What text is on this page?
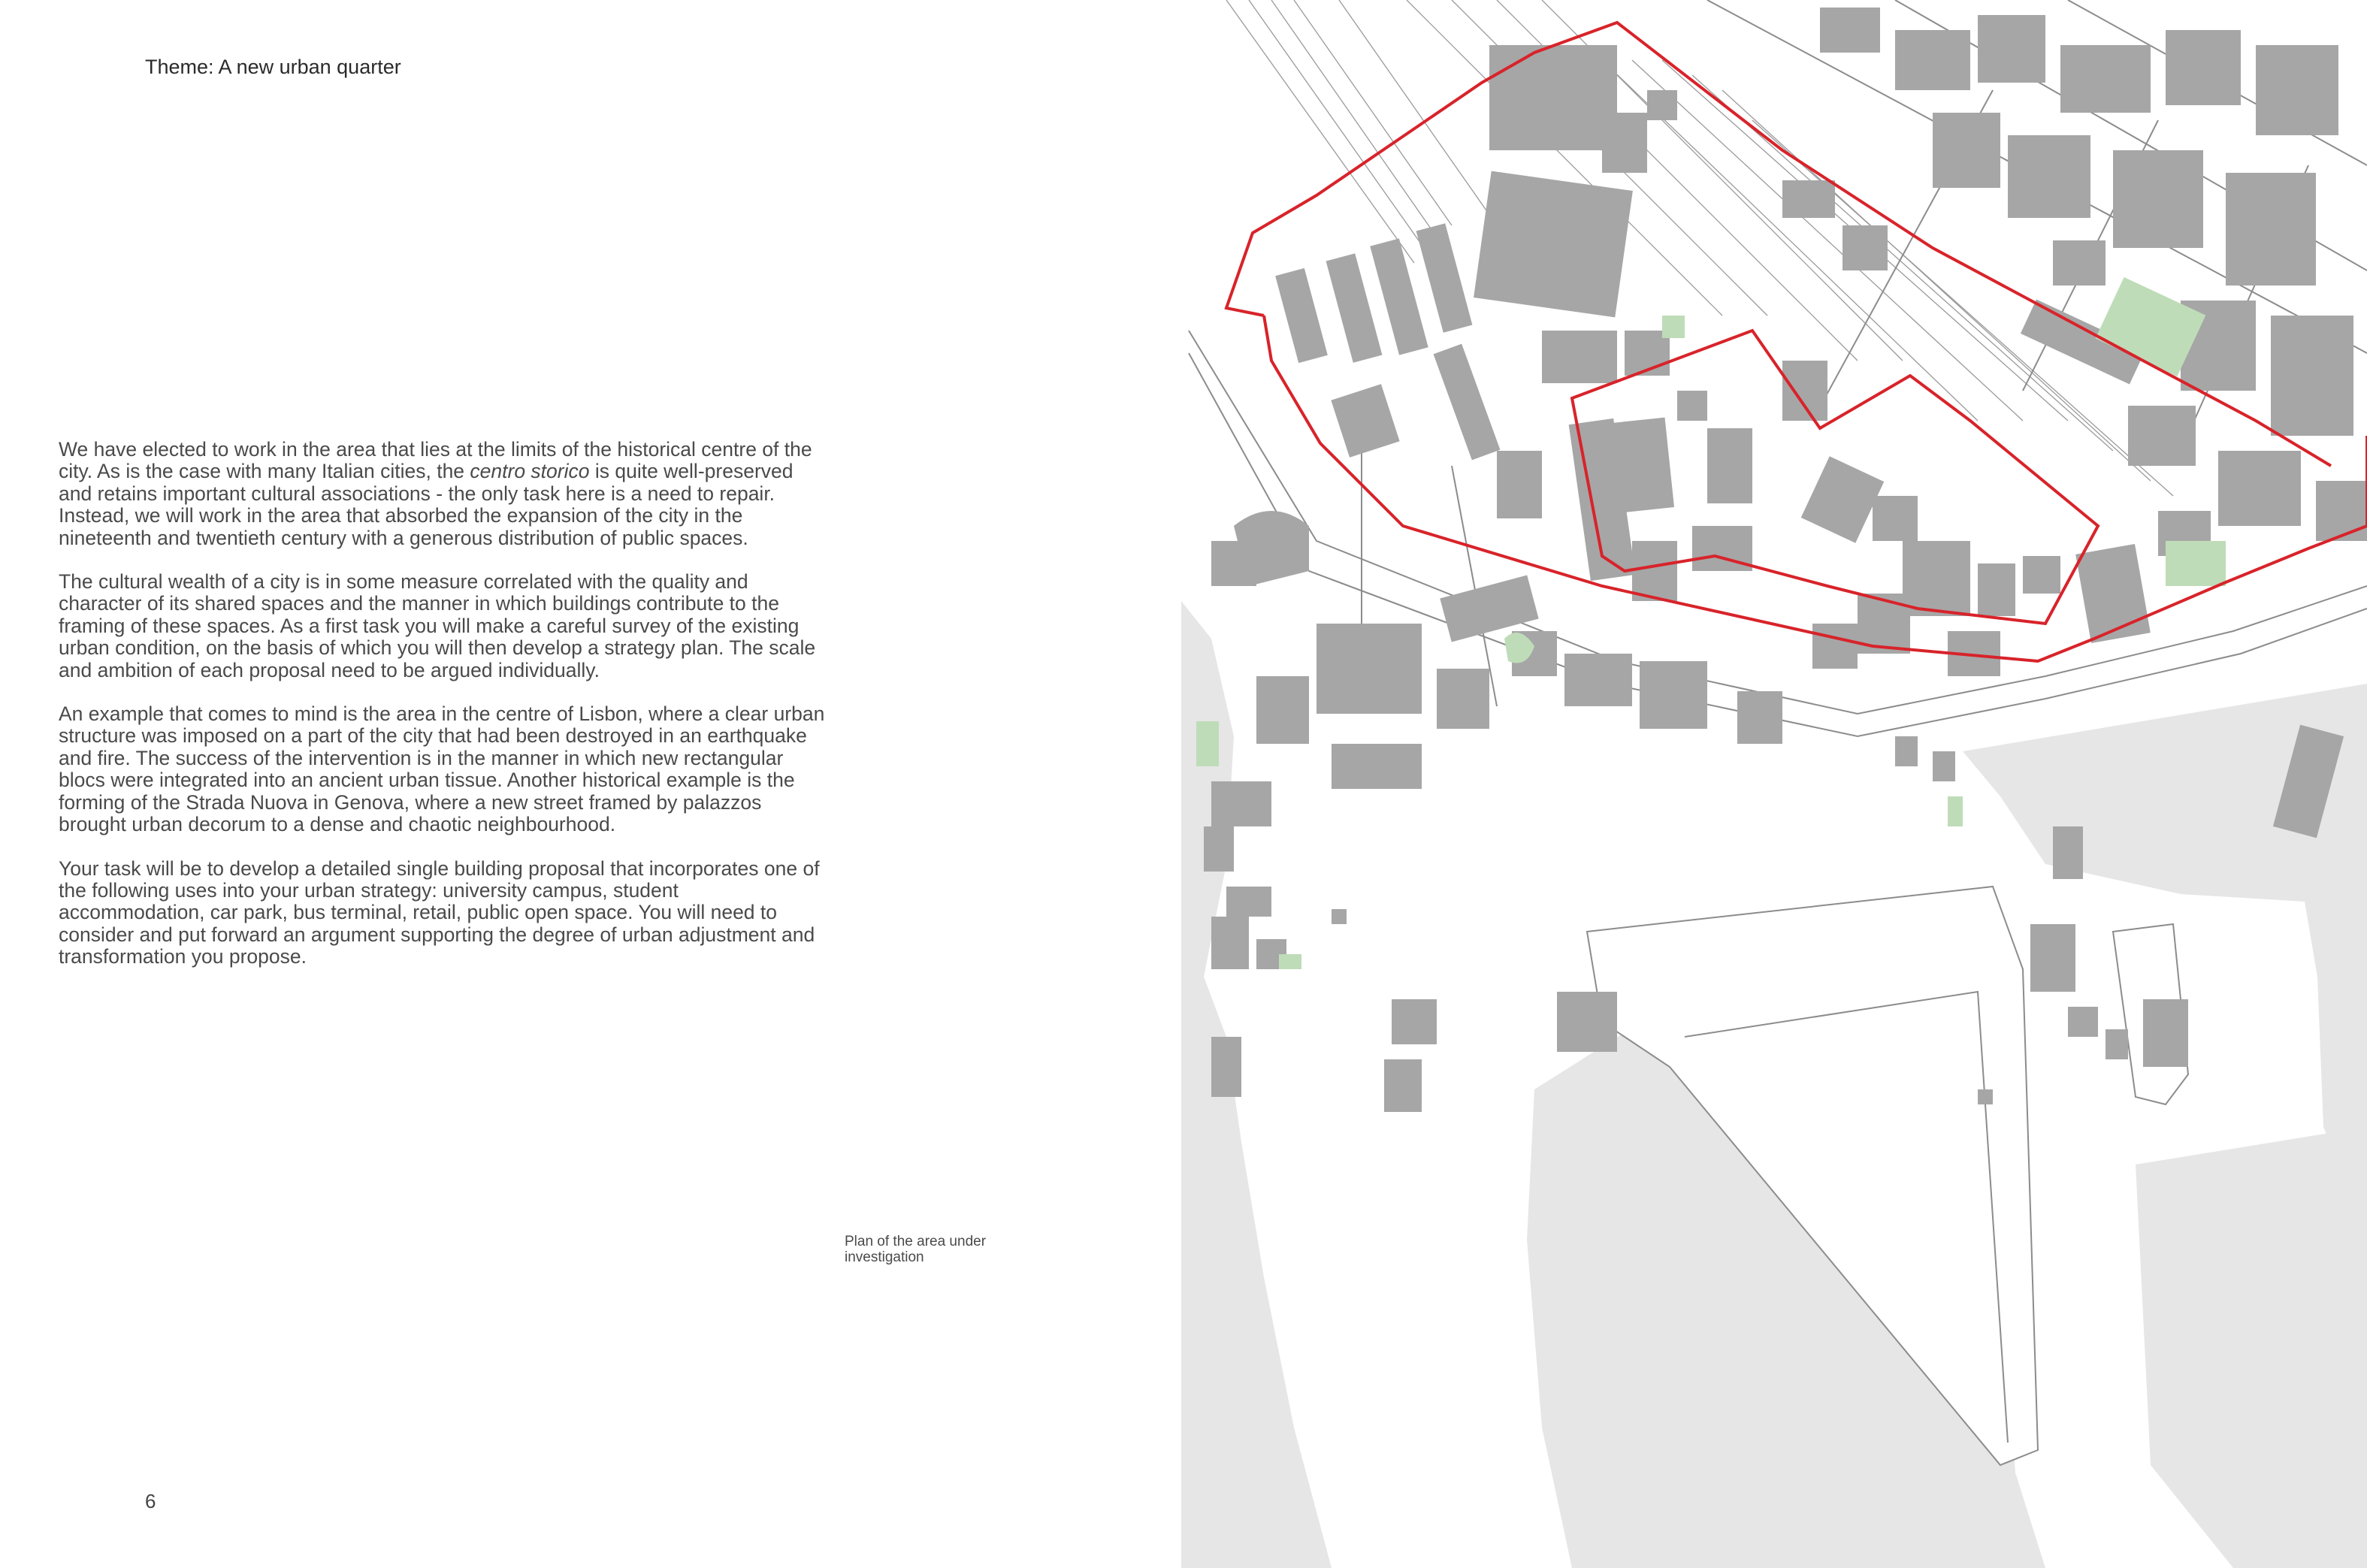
Theme: A new urban quarter

We have elected to work in the area that lies at the limits of the historical centre of the city. As is the case with many Italian cities, the centro storico is quite well-preserved and retains important cultural associations - the only task here is a need to repair. Instead, we will work in the area that absorbed the expansion of the city in the nineteenth and twentieth century with a generous distribution of public spaces.

The cultural wealth of a city is in some measure correlated with the quality and character of its shared spaces and the manner in which buildings contribute to the framing of these spaces. As a first task you will make a careful survey of the existing urban condition, on the basis of which you will then develop a strategy plan. The scale and ambition of each proposal need to be argued individually.

An example that comes to mind is the area in the centre of Lisbon, where a clear urban structure was imposed on a part of the city that had been destroyed in an earthquake and fire. The success of the intervention is in the manner in which new rectangular blocs were integrated into an ancient urban tissue. Another historical example is the forming of the Strada Nuova in Genova, where a new street framed by palazzos brought urban decorum to a dense and chaotic neighbourhood.

Your task will be to develop a detailed single building proposal that incorporates one of the following uses into your urban strategy: university campus, student accommodation, car park, bus terminal, retail, public open space. You will need to consider and put forward an argument supporting the degree of urban adjustment and transformation you propose.

Plan of the area under investigation
6
